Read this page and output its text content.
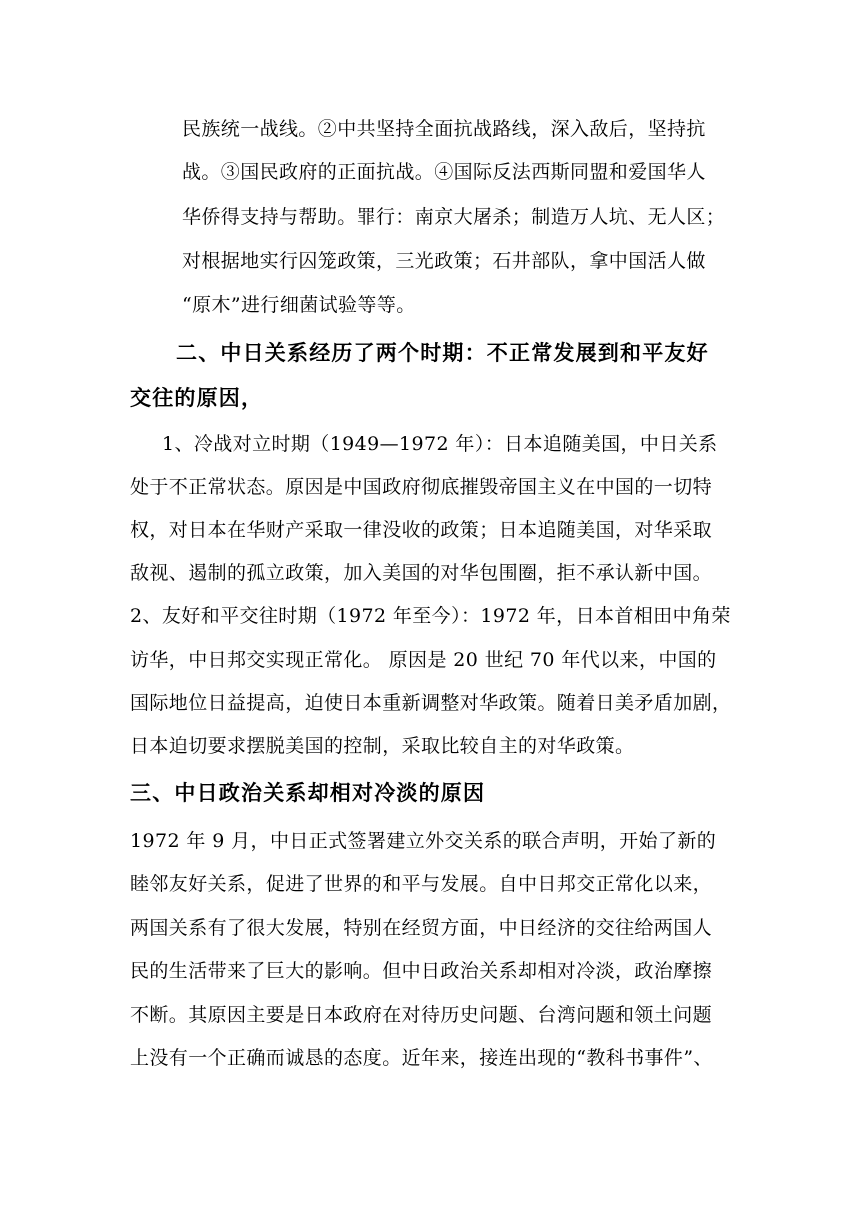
民族统一战线。②中共坚持全面抗战路线，深入敌后，坚持抗
战。③国民政府的正面抗战。④国际反法西斯同盟和爱国华人
华侨得支持与帮助。罪行：南京大屠杀；制造万人坑、无人区；
对根据地实行囚笼政策，三光政策；石井部队，拿中国活人做
“原木”进行细菌试验等等。
二、中日关系经历了两个时期：不正常发展到和平友好
交往的原因，
1、冷战对立时期（1949—1972 年）：日本追随美国，中日关系
处于不正常状态。原因是中国政府彻底摧毁帝国主义在中国的一切特
权，对日本在华财产采取一律没收的政策；日本追随美国，对华采取
敌视、遏制的孤立政策，加入美国的对华包围圈，拒不承认新中国。
2、友好和平交往时期（1972 年至今）：1972 年，日本首相田中角荣
访华，中日邦交实现正常化。 原因是 20 世纪 70 年代以来，中国的
国际地位日益提高，迫使日本重新调整对华政策。随着日美矛盾加剧，
日本迫切要求摆脱美国的控制，采取比较自主的对华政策。
三、中日政治关系却相对冷淡的原因
1972 年 9 月，中日正式签署建立外交关系的联合声明，开始了新的
睦邻友好关系，促进了世界的和平与发展。自中日邦交正常化以来，
两国关系有了很大发展，特别在经贸方面，中日经济的交往给两国人
民的生活带来了巨大的影响。但中日政治关系却相对冷淡，政治摩擦
不断。其原因主要是日本政府在对待历史问题、台湾问题和领土问题
上没有一个正确而诚恳的态度。近年来，接连出现的“教科书事件”、
